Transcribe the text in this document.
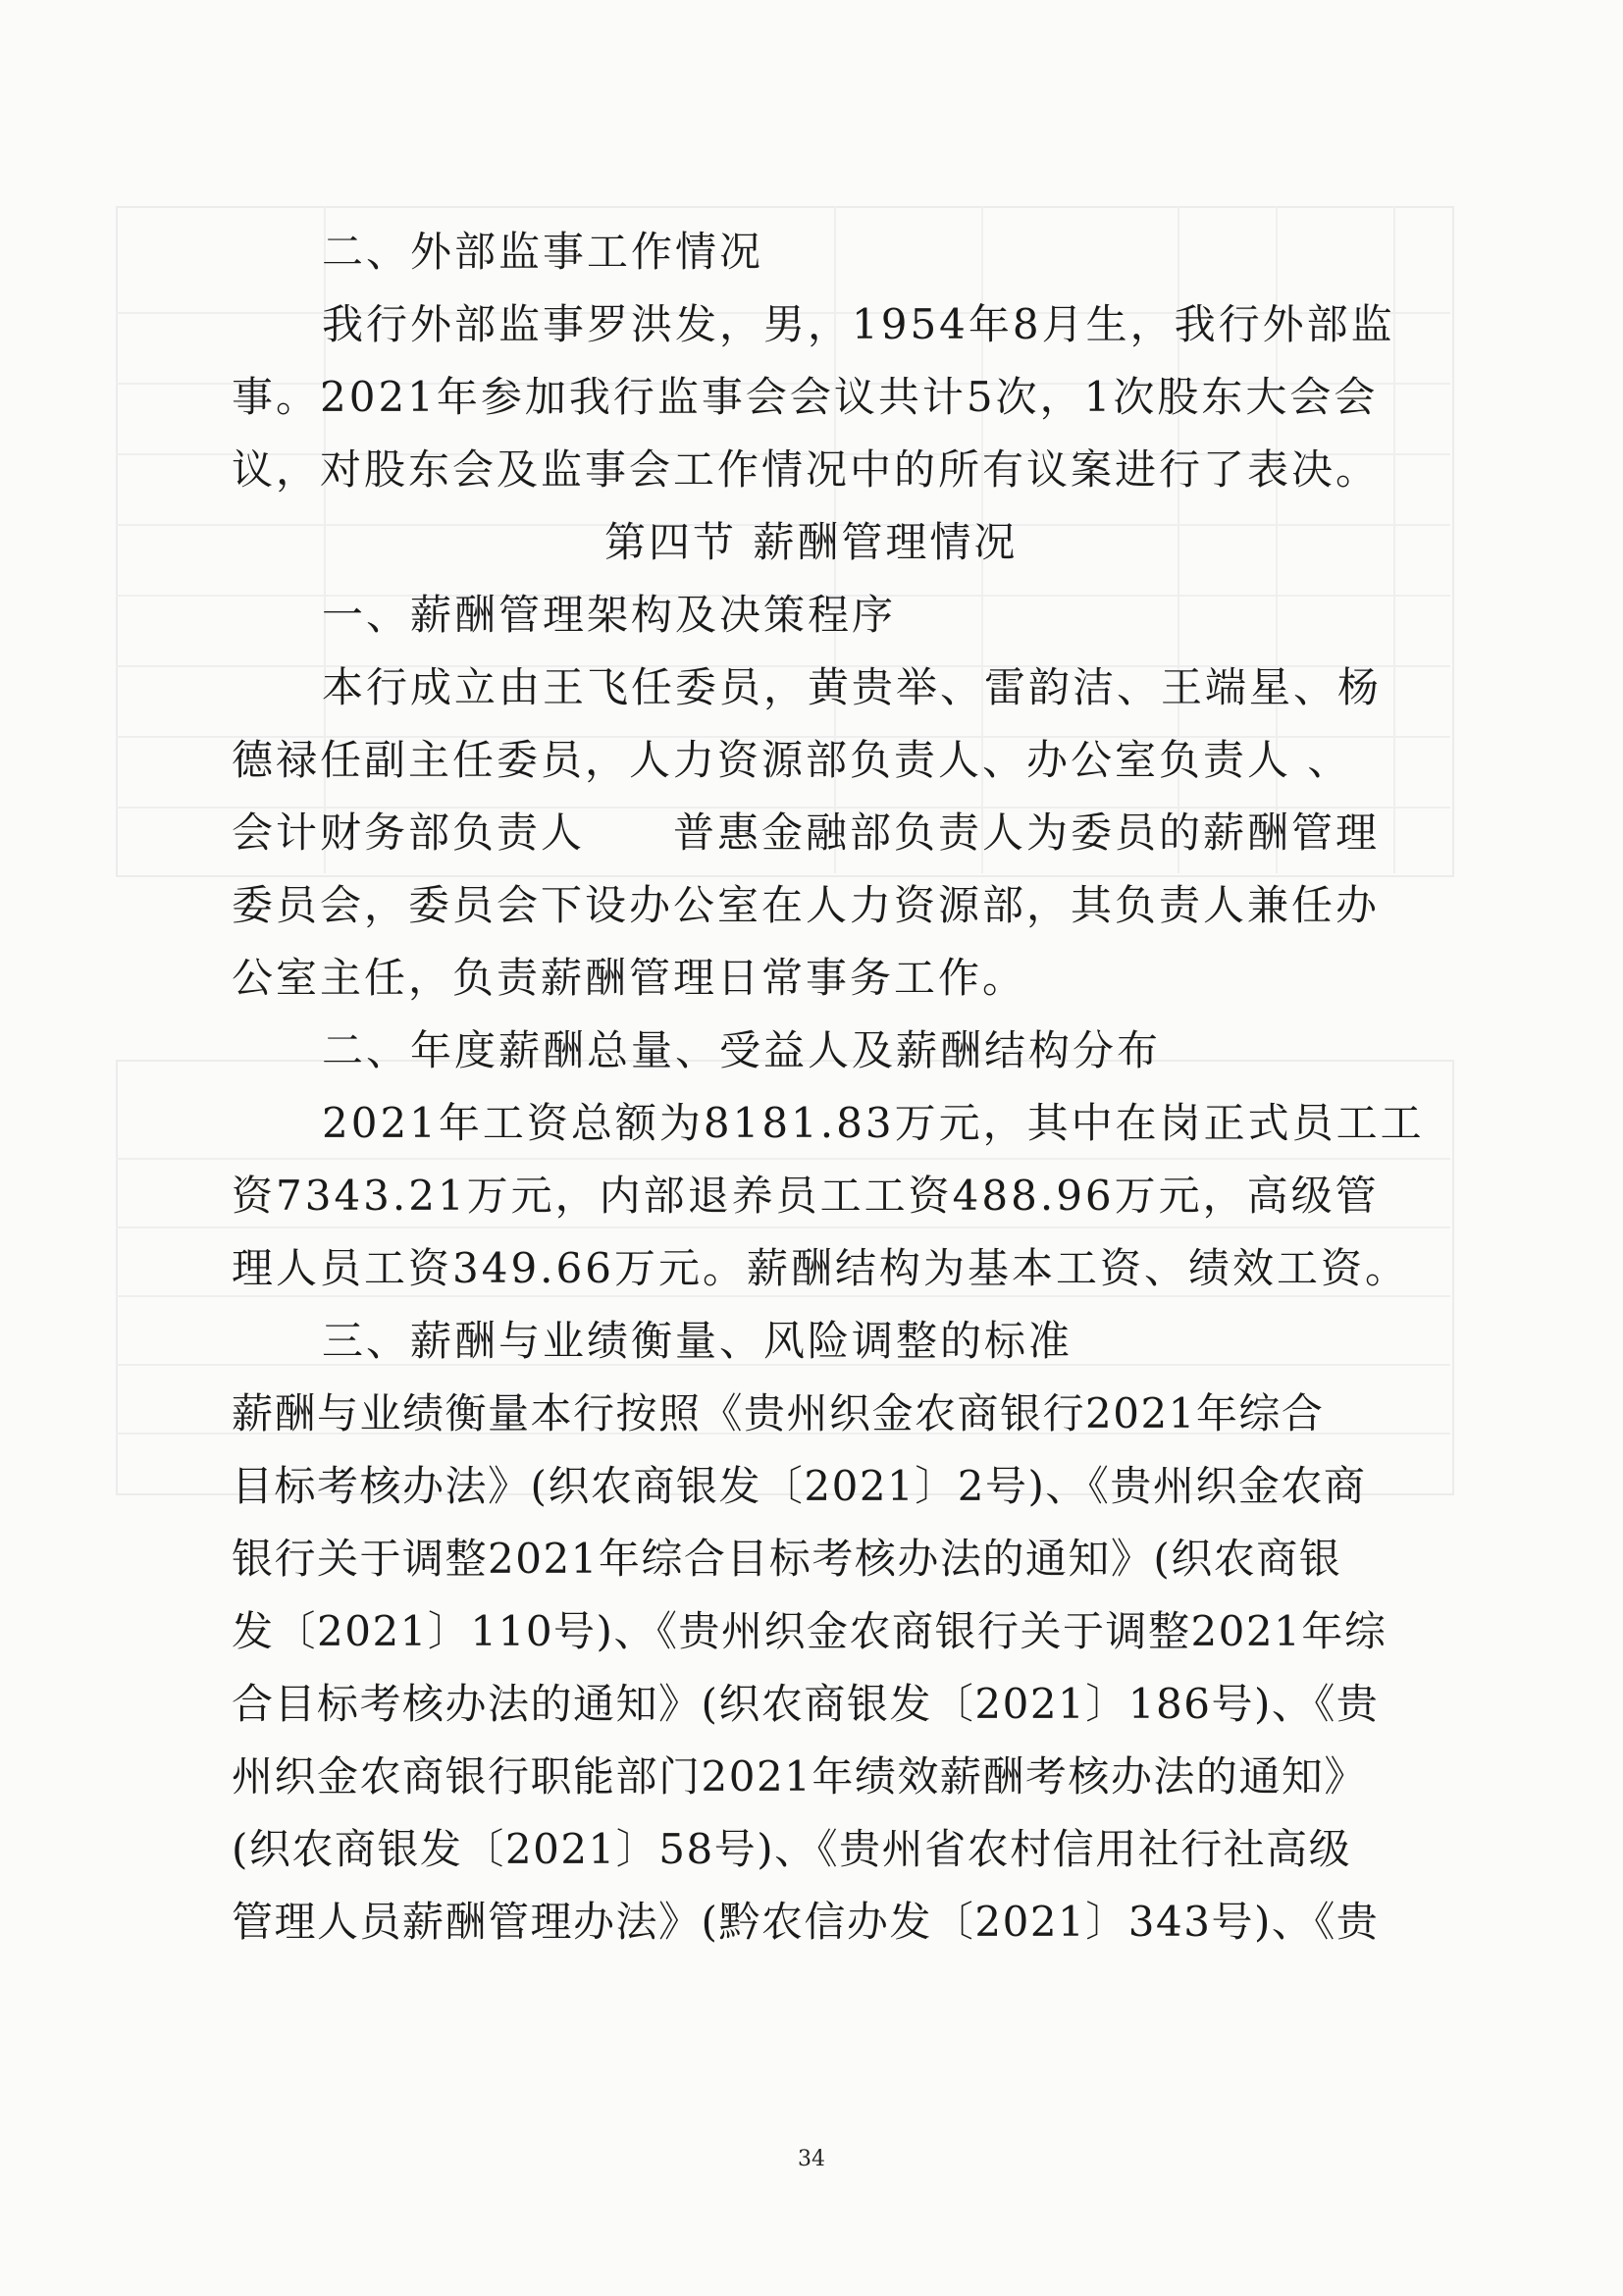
二、外部监事工作情况
我行外部监事罗洪发，男，1954年8月生，我行外部监
事。2021年参加我行监事会会议共计5次，1次股东大会会
议，对股东会及监事会工作情况中的所有议案进行了表决。
第四节 薪酬管理情况
一、薪酬管理架构及决策程序
本行成立由王飞任委员，黄贵举、雷韵洁、王端星、杨
德禄任副主任委员，人力资源部负责人、办公室负责人 、
会计财务部负责人 普惠金融部负责人为委员的薪酬管理
委员会，委员会下设办公室在人力资源部，其负责人兼任办
公室主任，负责薪酬管理日常事务工作。
二、年度薪酬总量、受益人及薪酬结构分布
2021年工资总额为8181.83万元，其中在岗正式员工工
资7343.21万元，内部退养员工工资488.96万元，高级管
理人员工资349.66万元。薪酬结构为基本工资、绩效工资。
三、薪酬与业绩衡量、风险调整的标准
薪酬与业绩衡量本行按照《贵州织金农商银行2021年综合
目标考核办法》(织农商银发〔2021〕2号)、《贵州织金农商
银行关于调整2021年综合目标考核办法的通知》(织农商银
发〔2021〕110号)、《贵州织金农商银行关于调整2021年综
合目标考核办法的通知》(织农商银发〔2021〕186号)、《贵
州织金农商银行职能部门2021年绩效薪酬考核办法的通知》
(织农商银发〔2021〕58号)、《贵州省农村信用社行社高级
管理人员薪酬管理办法》(黔农信办发〔2021〕343号)、《贵
34
